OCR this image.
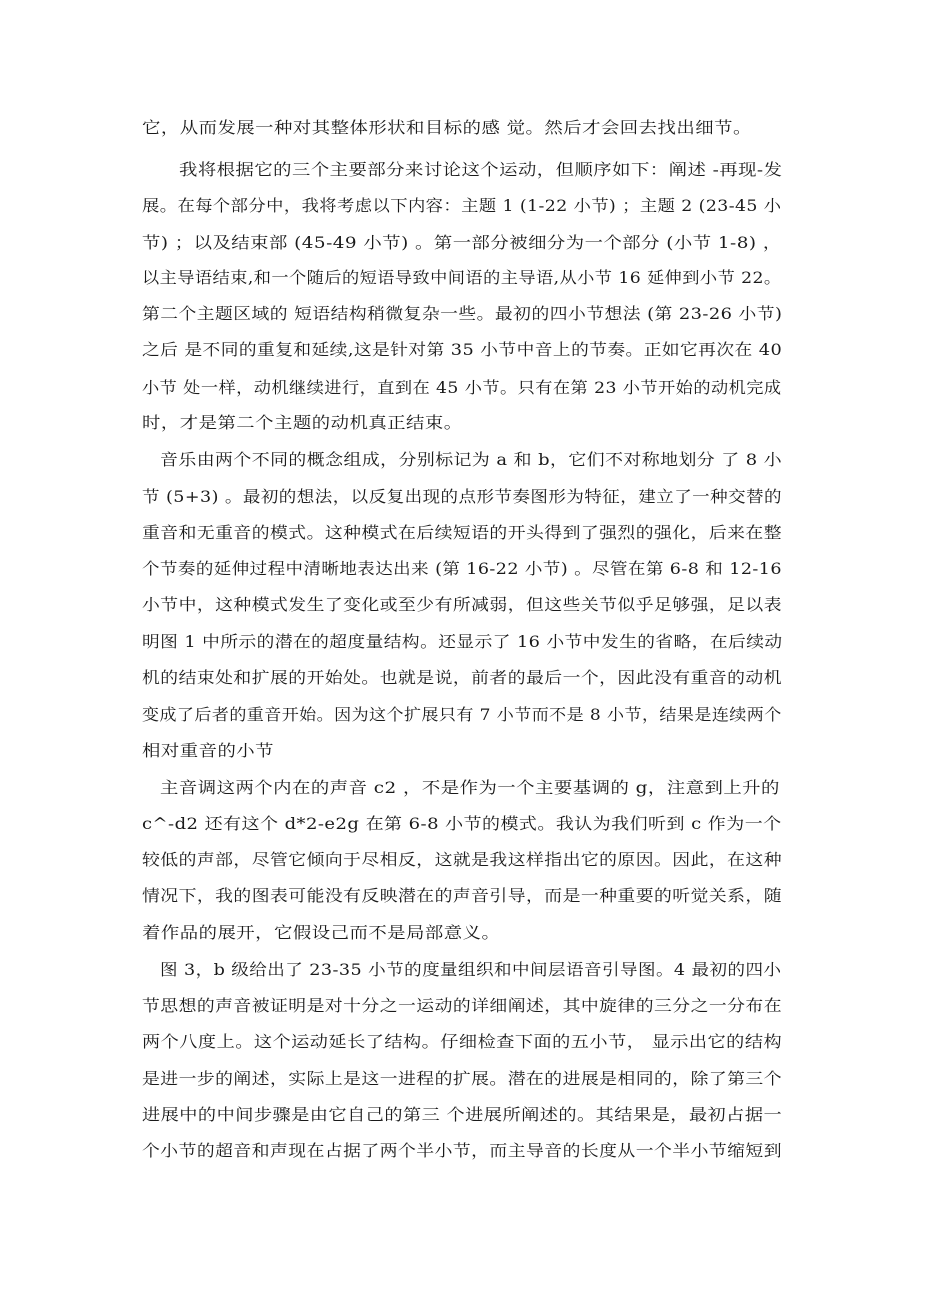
它，从而发展一种对其整体形状和目标的感 觉。然后才会回去找出细节。

我将根据它的三个主要部分来讨论这个运动，但顺序如下：阐述 -再现-发

展。在每个部分中，我将考虑以下内容：主题 1 (1-22 小节) ；主题 2 (23-45 小

节) ；以及结束部 (45-49 小节) 。第一部分被细分为一个部分 (小节 1-8) ，

以主导语结束,和一个随后的短语导致中间语的主导语,从小节 16 延伸到小节 22。

第二个主题区域的 短语结构稍微复杂一些。最初的四小节想法 (第 23-26 小节)

之后 是不同的重复和延续,这是针对第 35 小节中音上的节奏。正如它再次在 40

小节 处一样，动机继续进行，直到在 45 小节。只有在第 23 小节开始的动机完成

时，才是第二个主题的动机真正结束。

音乐由两个不同的概念组成，分别标记为 a 和 b，它们不对称地划分 了 8 小

节 (5+3) 。最初的想法，以反复出现的点形节奏图形为特征，建立了一种交替的

重音和无重音的模式。这种模式在后续短语的开头得到了强烈的强化，后来在整

个节奏的延伸过程中清晰地表达出来 (第 16-22 小节) 。尽管在第 6-8 和 12-16

小节中，这种模式发生了变化或至少有所减弱，但这些关节似乎足够强，足以表

明图 1 中所示的潜在的超度量结构。还显示了 16 小节中发生的省略，在后续动

机的结束处和扩展的开始处。也就是说，前者的最后一个，因此没有重音的动机

变成了后者的重音开始。因为这个扩展只有 7 小节而不是 8 小节，结果是连续两个

相对重音的小节

主音调这两个内在的声音 c2 ，不是作为一个主要基调的 g，注意到上升的

c^-d2 还有这个 d*2-e2g 在第 6-8 小节的模式。我认为我们听到 c 作为一个

较低的声部，尽管它倾向于尽相反，这就是我这样指出它的原因。因此，在这种

情况下，我的图表可能没有反映潜在的声音引导，而是一种重要的听觉关系，随

着作品的展开，它假设己而不是局部意义。

图 3，b 级给出了 23-35 小节的度量组织和中间层语音引导图。4 最初的四小

节思想的声音被证明是对十分之一运动的详细阐述，其中旋律的三分之一分布在

两个八度上。这个运动延长了结构。仔细检查下面的五小节， 显示出它的结构

是进一步的阐述，实际上是这一进程的扩展。潜在的进展是相同的，除了第三个

进展中的中间步骤是由它自己的第三 个进展所阐述的。其结果是，最初占据一

个小节的超音和声现在占据了两个半小节，而主导音的长度从一个半小节缩短到
